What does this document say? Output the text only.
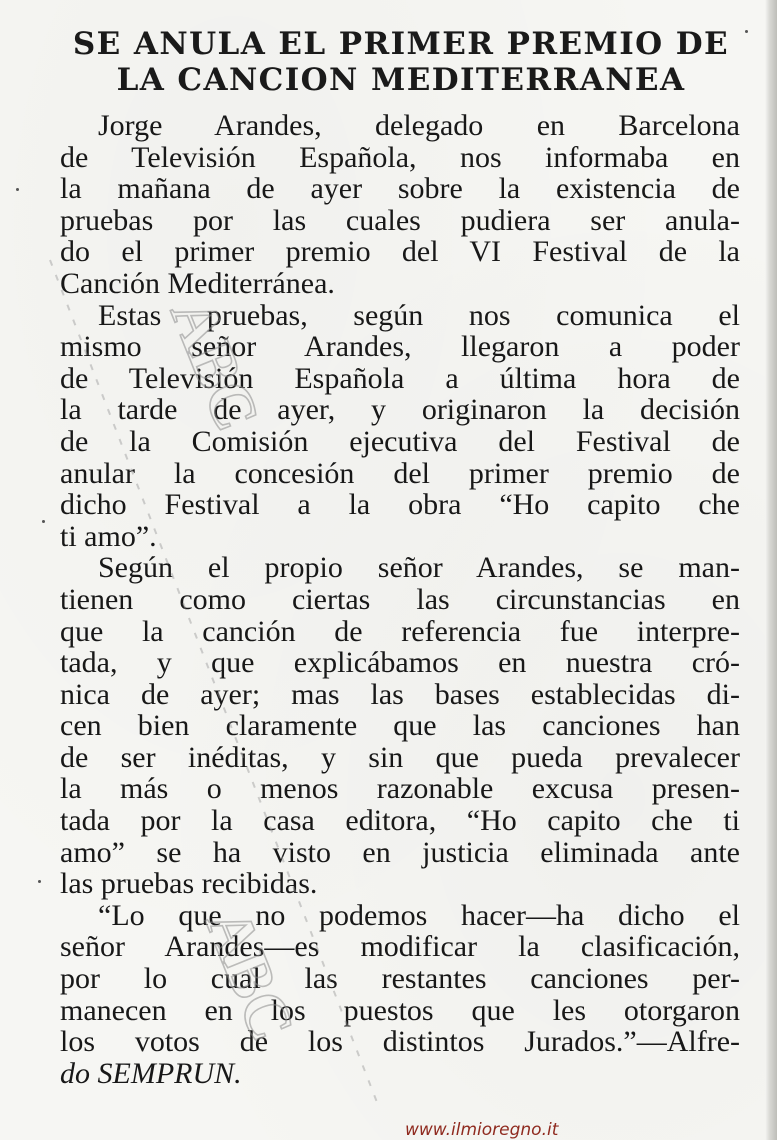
SE ANULA EL PRIMER PREMIO DE
LA CANCION MEDITERRANEA
Jorge Arandes, delegado en Barcelona
de Televisión Española, nos informaba en
la mañana de ayer sobre la existencia de
pruebas por las cuales pudiera ser anula-
do el primer premio del VI Festival de la
Canción Mediterránea.
Estas pruebas, según nos comunica el
mismo señor Arandes, llegaron a poder
de Televisión Española a última hora de
la tarde de ayer, y originaron la decisión
de la Comisión ejecutiva del Festival de
anular la concesión del primer premio de
dicho Festival a la obra “Ho capito che
ti amo”.
Según el propio señor Arandes, se man-
tienen como ciertas las circunstancias en
que la canción de referencia fue interpre-
tada, y que explicábamos en nuestra cró-
nica de ayer; mas las bases establecidas di-
cen bien claramente que las canciones han
de ser inéditas, y sin que pueda prevalecer
la más o menos razonable excusa presen-
tada por la casa editora, “Ho capito che ti
amo” se ha visto en justicia eliminada ante
las pruebas recibidas.
“Lo que no podemos hacer—ha dicho el
señor Arandes—es modificar la clasificación,
por lo cual las restantes canciones per-
manecen en los puestos que les otorgaron
los votos de los distintos Jurados.”—Alfre-
do SEMPRUN.
ABC
ABC
www.ilmioregno.it
